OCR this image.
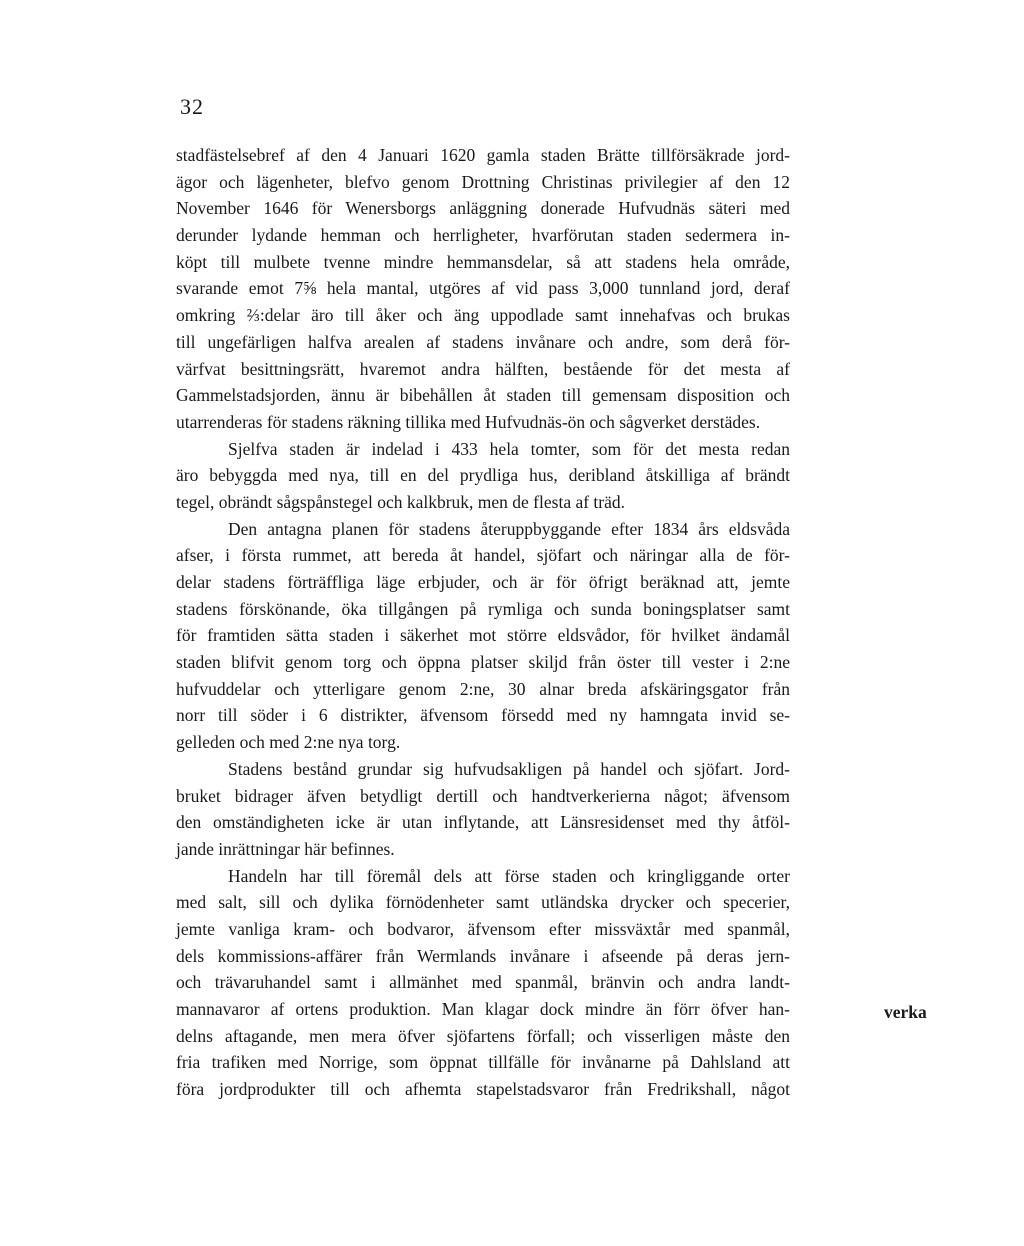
32
stadfästelsebref af den 4 Januari 1620 gamla staden Brätte tillförsäkrade jord-
ägor och lägenheter, blefvo genom Drottning Christinas privilegier af den 12
November 1646 för Wenersborgs anläggning donerade Hufvudnäs säteri med
derunder lydande hemman och herrligheter, hvarförutan staden sedermera in-
köpt till mulbete tvenne mindre hemmansdelar, så att stadens hela område,
svarande emot 7⅝ hela mantal, utgöres af vid pass 3,000 tunnland jord, deraf
omkring ⅔:delar äro till åker och äng uppodlade samt innehafvas och brukas
till ungefärligen halfva arealen af stadens invånare och andre, som derå för-
värfvat besittningsrätt, hvaremot andra hälften, bestående för det mesta af
Gammelstadsjorden, ännu är bibehållen åt staden till gemensam disposition och
utarrenderas för stadens räkning tillika med Hufvudnäs-ön och sågverket derstädes.
Sjelfva staden är indelad i 433 hela tomter, som för det mesta redan
äro bebyggda med nya, till en del prydliga hus, deribland åtskilliga af brändt
tegel, obrändt sågspånstegel och kalkbruk, men de flesta af träd.
Den antagna planen för stadens återuppbyggande efter 1834 års eldsvåda
afser, i första rummet, att bereda åt handel, sjöfart och näringar alla de för-
delar stadens förträffliga läge erbjuder, och är för öfrigt beräknad att, jemte
stadens förskönande, öka tillgången på rymliga och sunda boningsplatser samt
för framtiden sätta staden i säkerhet mot större eldsvådor, för hvilket ändamål
staden blifvit genom torg och öppna platser skiljd från öster till vester i 2:ne
hufvuddelar och ytterligare genom 2:ne, 30 alnar breda afskäringsgator från
norr till söder i 6 distrikter, äfvensom försedd med ny hamngata invid se-
gelleden och med 2:ne nya torg.
Stadens bestånd grundar sig hufvudsakligen på handel och sjöfart. Jord-
bruket bidrager äfven betydligt dertill och handtverkerierna något; äfvensom
den omständigheten icke är utan inflytande, att Länsresidenset med thy åtföl-
jande inrättningar här befinnes.
Handeln har till föremål dels att förse staden och kringliggande orter
med salt, sill och dylika förnödenheter samt utländska drycker och specerier,
jemte vanliga kram- och bodvaror, äfvensom efter missväxtår med spanmål,
dels kommissions-affärer från Wermlands invånare i afseende på deras jern-
och trävaruhandel samt i allmänhet med spanmål, bränvin och andra landt-
mannavaror af ortens produktion. Man klagar dock mindre än förr öfver han-
delns aftagande, men mera öfver sjöfartens förfall; och visserligen måste den
fria trafiken med Norrige, som öppnat tillfälle för invånarne på Dahlsland att
föra jordprodukter till och afhemta stapelstadsvaror från Fredrikshall, något
verka
